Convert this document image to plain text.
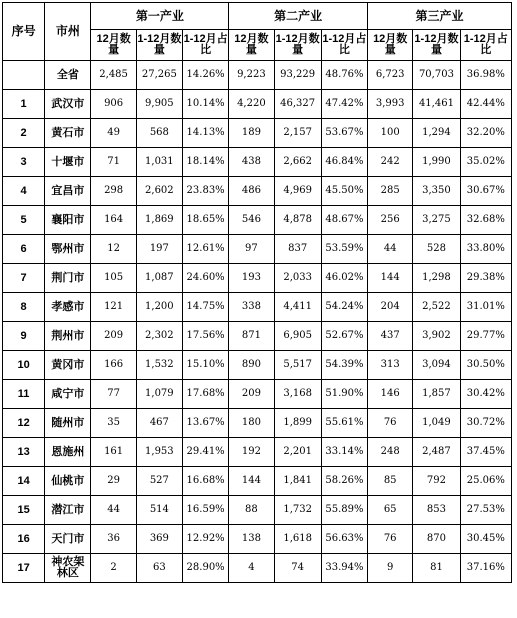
序号	市州	第一产业			第二产业			第三产业		
		12月数量	1-12月数量	1-12月占比	12月数量	1-12月数量	1-12月占比	12月数量	1-12月数量	1-12月占比
	全省	2,485	27,265	14.26%	9,223	93,229	48.76%	6,723	70,703	36.98%
1	武汉市	906	9,905	10.14%	4,220	46,327	47.42%	3,993	41,461	42.44%
2	黄石市	49	568	14.13%	189	2,157	53.67%	100	1,294	32.20%
3	十堰市	71	1,031	18.14%	438	2,662	46.84%	242	1,990	35.02%
4	宜昌市	298	2,602	23.83%	486	4,969	45.50%	285	3,350	30.67%
5	襄阳市	164	1,869	18.65%	546	4,878	48.67%	256	3,275	32.68%
6	鄂州市	12	197	12.61%	97	837	53.59%	44	528	33.80%
7	荆门市	105	1,087	24.60%	193	2,033	46.02%	144	1,298	29.38%
8	孝感市	121	1,200	14.75%	338	4,411	54.24%	204	2,522	31.01%
9	荆州市	209	2,302	17.56%	871	6,905	52.67%	437	3,902	29.77%
10	黄冈市	166	1,532	15.10%	890	5,517	54.39%	313	3,094	30.50%
11	咸宁市	77	1,079	17.68%	209	3,168	51.90%	146	1,857	30.42%
12	随州市	35	467	13.67%	180	1,899	55.61%	76	1,049	30.72%
13	恩施州	161	1,953	29.41%	192	2,201	33.14%	248	2,487	37.45%
14	仙桃市	29	527	16.68%	144	1,841	58.26%	85	792	25.06%
15	潜江市	44	514	16.59%	88	1,732	55.89%	65	853	27.53%
16	天门市	36	369	12.92%	138	1,618	56.63%	76	870	30.45%
17	神农架林区	2	63	28.90%	4	74	33.94%	9	81	37.16%
